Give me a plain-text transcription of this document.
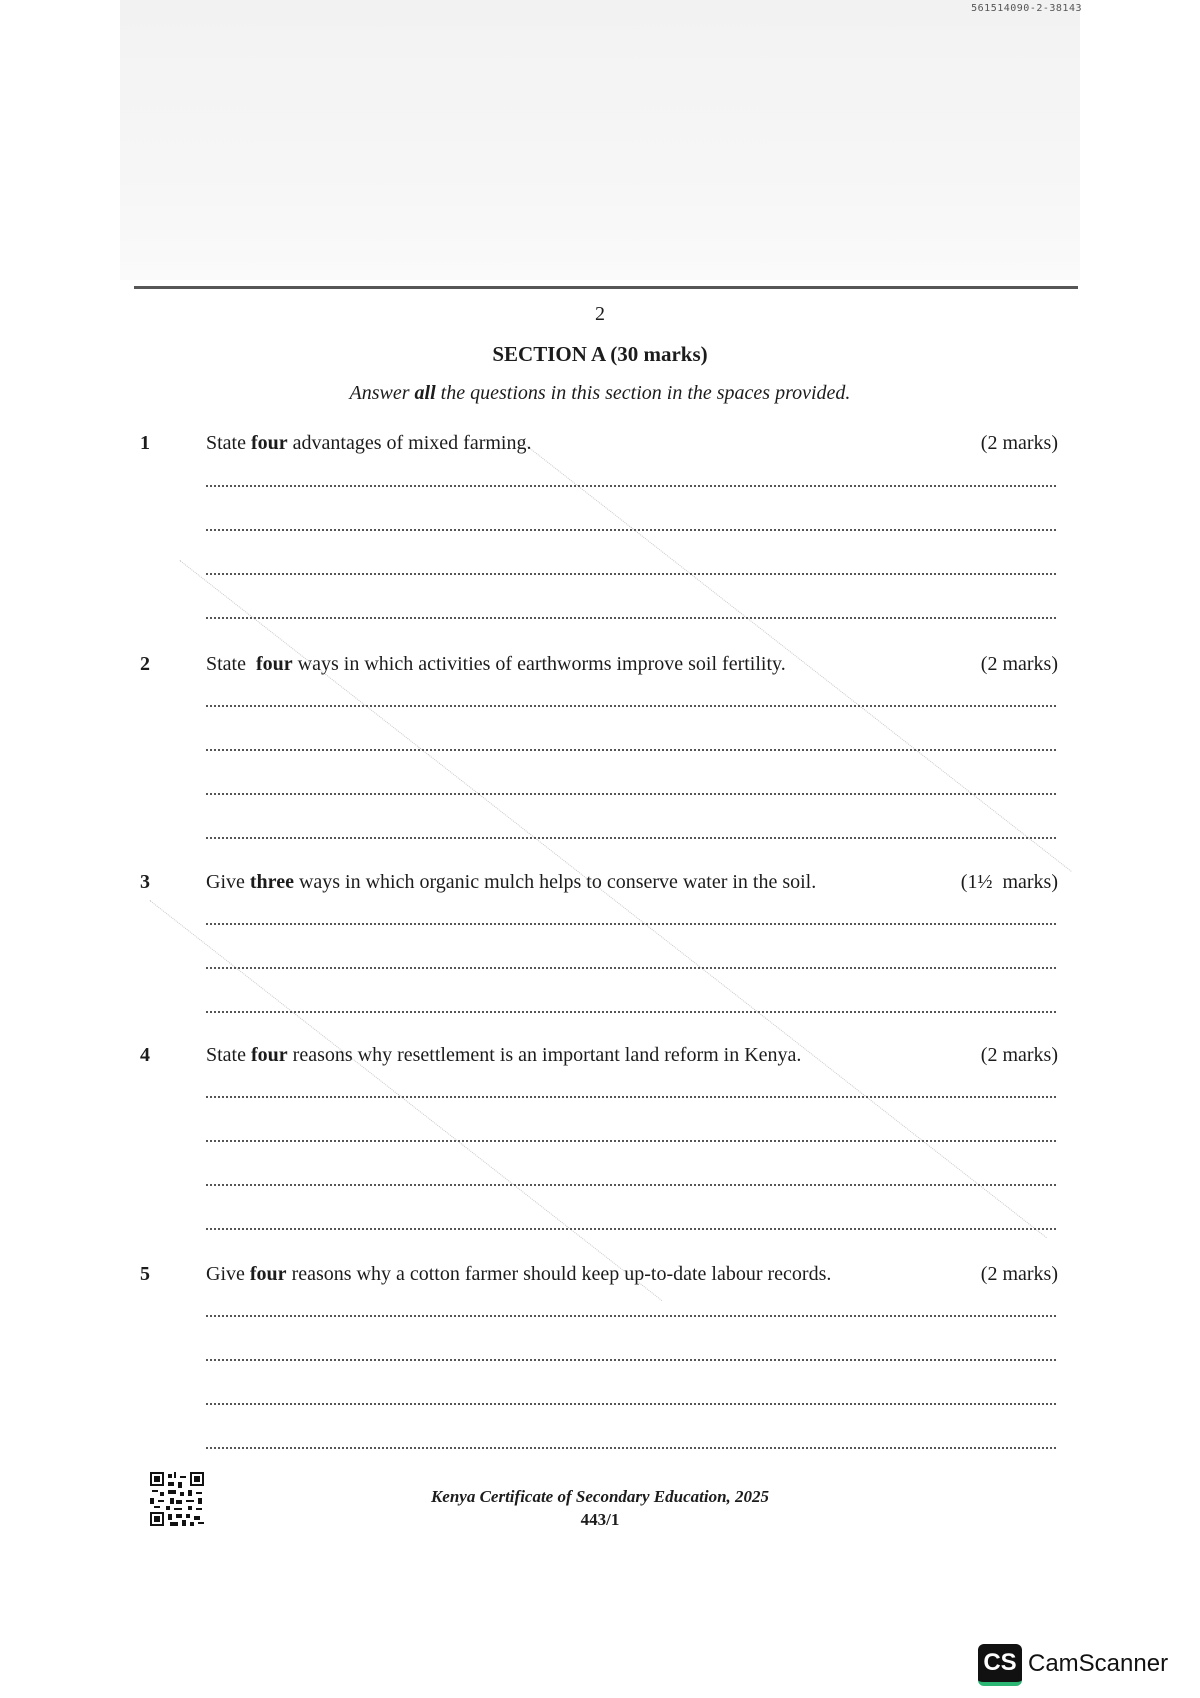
561514090-2-38143
2
SECTION A (30 marks)
Answer all the questions in this section in the spaces provided.
1	State four advantages of mixed farming.	(2 marks)
2	State  four ways in which activities of earthworms improve soil fertility.	(2 marks)
3	Give three ways in which organic mulch helps to conserve water in the soil.	(1½  marks)
4	State four reasons why resettlement is an important land reform in Kenya.	(2 marks)
5	Give four reasons why a cotton farmer should keep up-to-date labour records.	(2 marks)
Kenya Certificate of Secondary Education, 2025
443/1
CS CamScanner
